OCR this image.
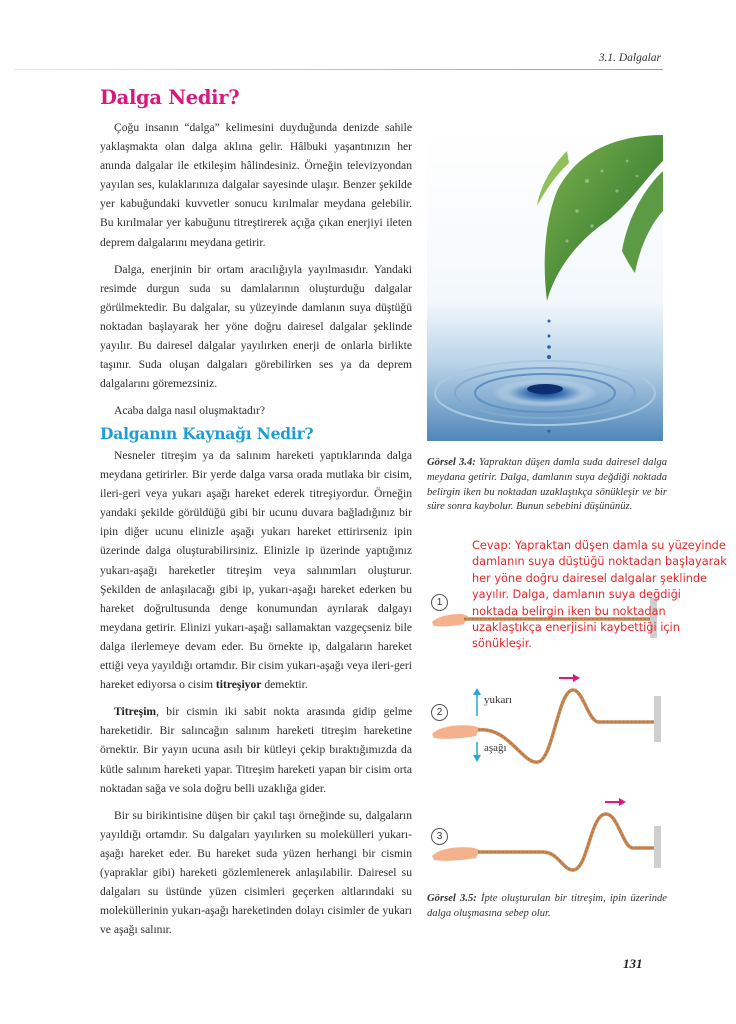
3.1. Dalgalar
Dalga Nedir?

Çoğu insanın “dalga” kelimesini duyduğunda denizde sahile yaklaşmakta olan dalga aklına gelir. Hâlbuki yaşantınızın her anında dalgalar ile etkileşim hâlindesiniz. Örneğin televizyondan yayılan ses, kulaklarınıza dalgalar sayesinde ulaşır. Benzer şekilde yer kabuğundaki kuvvetler sonucu kırılmalar meydana gelebilir. Bu kırılmalar yer kabuğunu titreştirerek açığa çıkan enerjiyi ileten deprem dalgalarını meydana getirir.

Dalga, enerjinin bir ortam aracılığıyla yayılmasıdır. Yandaki resimde durgun suda su damlalarının oluşturduğu dalgalar görülmektedir. Bu dalgalar, su yüzeyinde damlanın suya düştüğü noktadan başlayarak her yöne doğru dairesel dalgalar şeklinde yayılır. Bu dairesel dalgalar yayılırken enerji de onlarla birlikte taşınır. Suda oluşan dalgaları görebilirken ses ya da deprem dalgalarını göremezsiniz.

Acaba dalga nasıl oluşmaktadır?

Dalganın Kaynağı Nedir?

Nesneler titreşim ya da salınım hareketi yaptıklarında dalga meydana getirirler. Bir yerde dalga varsa orada mutlaka bir cisim, ileri-geri veya yukarı aşağı hareket ederek titreşiyordur. Örneğin yandaki şekilde görüldüğü gibi bir ucunu duvara bağladığınız bir ipin diğer ucunu elinizle aşağı yukarı hareket ettirirseniz ipin üzerinde dalga oluşturabilirsiniz. Elinizle ip üzerinde yaptığınız yukarı-aşağı hareketler titreşim veya salınımları oluşturur. Şekilden de anlaşılacağı gibi ip, yukarı-aşağı hareket ederken bu hareket doğrultusunda denge konumundan ayrılarak dalgayı meydana getirir. Elinizi yukarı-aşağı sallamaktan vazgeçseniz bile dalga ilerlemeye devam eder. Bu örnekte ip, dalgaların hareket ettiği veya yayıldığı ortamdır. Bir cisim yukarı-aşağı veya ileri-geri hareket ediyorsa o cisim titreşiyor demektir.

Titreşim, bir cismin iki sabit nokta arasında gidip gelme hareketidir. Bir salıncağın salınım hareketi titreşim hareketine örnektir. Bir yayın ucuna asılı bir kütleyi çekip bıraktığımızda da kütle salınım hareketi yapar. Titreşim hareketi yapan bir cisim orta noktadan sağa ve sola doğru belli uzaklığa gider.

Bir su birikintisine düşen bir çakıl taşı örneğinde su, dalgaların yayıldığı ortamdır. Su dalgaları yayılırken su molekülleri yukarı-aşağı hareket eder. Bu hareket suda yüzen herhangi bir cismin (yapraklar gibi) hareketi gözlemlenerek anlaşılabilir. Dairesel su dalgaları su üstünde yüzen cisimleri geçerken altlarındaki su moleküllerinin yukarı-aşağı hareketinden dolayı cisimler de yukarı ve aşağı salınır.

Görsel 3.4: Yapraktan düşen damla suda dairesel dalga meydana getirir. Dalga, damlanın suya değdiği noktada belirgin iken bu noktadan uzaklaştıkça sönükleşir ve bir süre sonra kaybolur. Bunun sebebini düşününüz.
Cevap: Yapraktan düşen damla su yüzeyinde
damlanın suya düştüğü noktadan başlayarak
her yöne doğru dairesel dalgalar şeklinde
yayılır. Dalga, damlanın suya değdiği
noktada belirgin iken bu noktadan
uzaklaştıkça enerjisini kaybettiği için
sönükleşir.
1
2
yukarı
aşağı
3
Görsel 3.5: İpte oluşturulan bir titreşim, ipin üzerinde dalga oluşmasına sebep olur.
131
